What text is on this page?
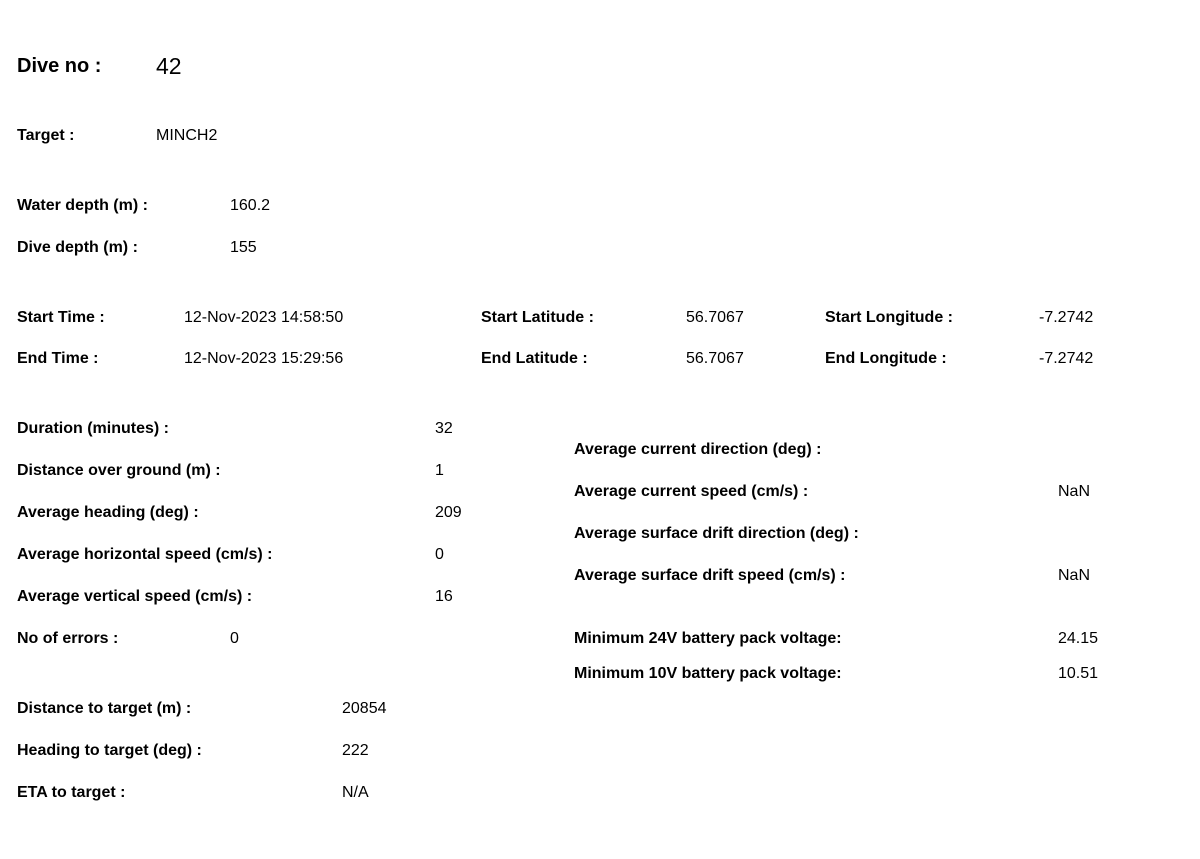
Dive no : 42
Target :	MINCH2
Water depth (m) :	160.2
Dive depth (m) :	155
Start Time :	12-Nov-2023 14:58:50	Start Latitude :	56.7067	Start Longitude :	-7.2742
End Time :	12-Nov-2023 15:29:56	End Latitude :	56.7067	End Longitude :	-7.2742
Duration (minutes) :	32
Distance over ground (m) :	1
Average heading (deg) :	209
Average horizontal speed (cm/s) :	0
Average vertical speed (cm/s) :	16
No of errors :	0
Average current direction (deg) :
Average current speed (cm/s) :	NaN
Average surface drift direction (deg) :
Average surface drift speed (cm/s) :	NaN
Minimum 24V battery pack voltage:	24.15
Minimum 10V battery pack voltage:	10.51
Distance to target (m) :	20854
Heading to target (deg) :	222
ETA to target :	N/A
